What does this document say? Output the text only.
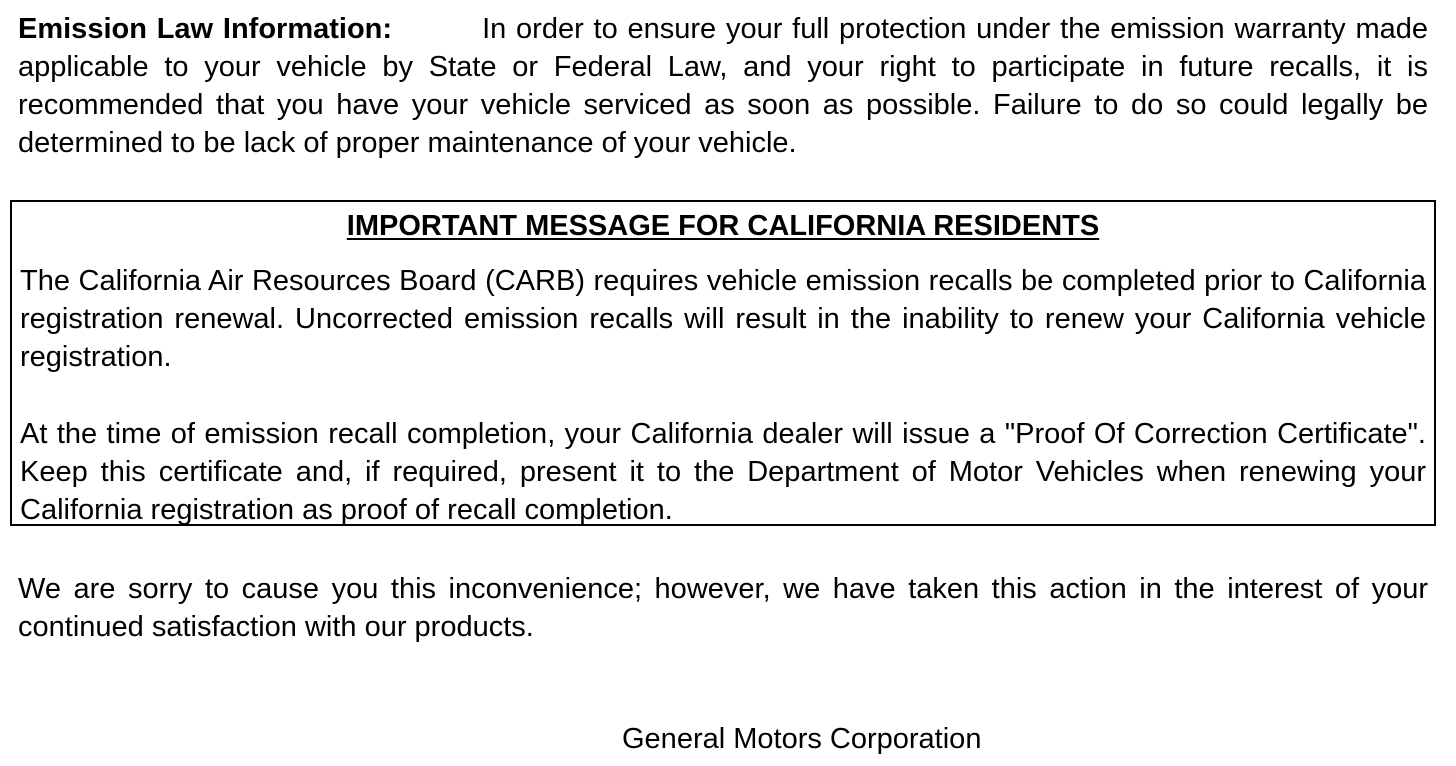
Emission Law Information:	In order to ensure your full protection under the emission warranty made applicable to your vehicle by State or Federal Law, and your right to participate in future recalls, it is recommended that you have your vehicle serviced as soon as possible. Failure to do so could legally be determined to be lack of proper maintenance of your vehicle.

IMPORTANT MESSAGE FOR CALIFORNIA RESIDENTS

The California Air Resources Board (CARB) requires vehicle emission recalls be completed prior to California registration renewal. Uncorrected emission recalls will result in the inability to renew your California vehicle registration.

At the time of emission recall completion, your California dealer will issue a "Proof Of Correction Certificate". Keep this certificate and, if required, present it to the Department of Motor Vehicles when renewing your California registration as proof of recall completion.

We are sorry to cause you this inconvenience; however, we have taken this action in the interest of your continued satisfaction with our products.

General Motors Corporation
